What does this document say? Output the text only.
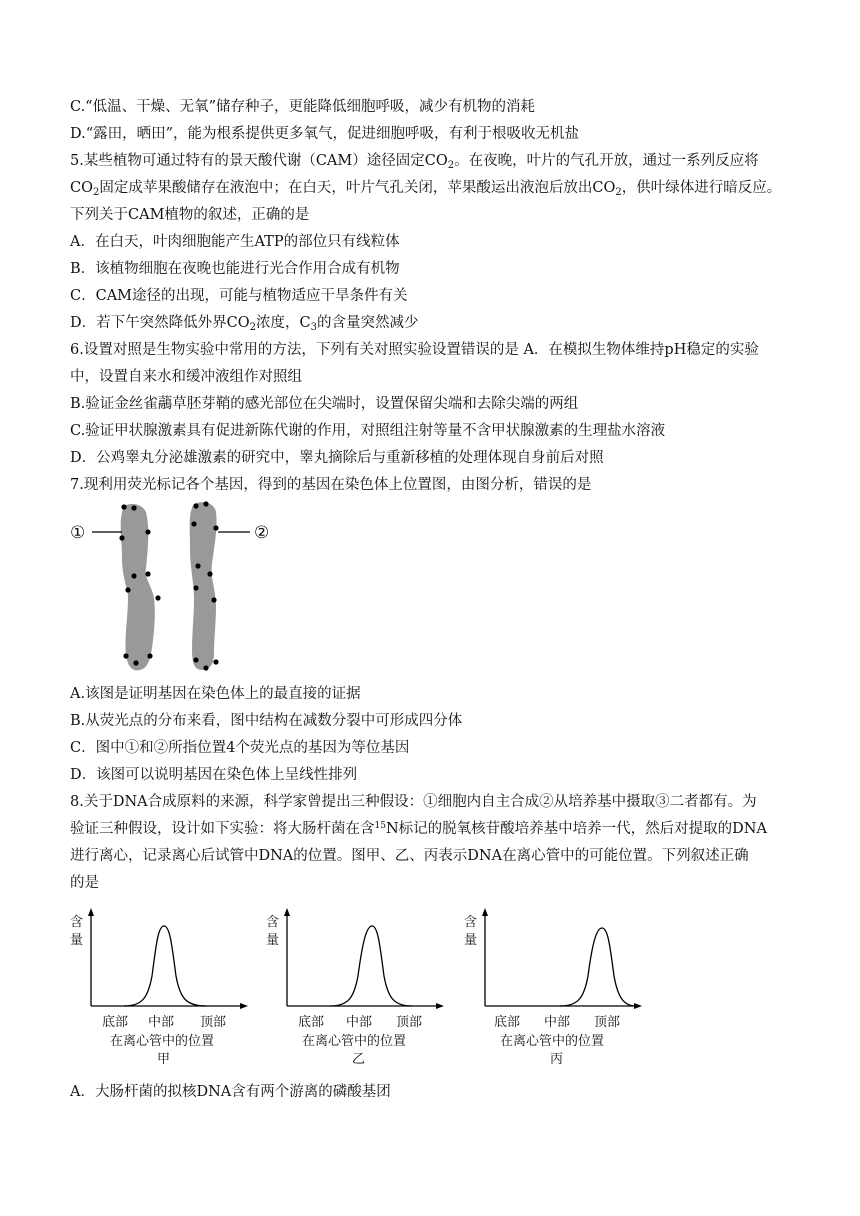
C.“低温、干燥、无氧”储存种子，更能降低细胞呼吸，减少有机物的消耗
D.“露田，晒田”，能为根系提供更多氧气，促进细胞呼吸，有利于根吸收无机盐
5.某些植物可通过特有的景天酸代谢（CAM）途径固定$CO_2$。在夜晚，叶片的气孔开放，通过一系列反应将
$CO_2$固定成苹果酸储存在液泡中；在白天，叶片气孔关闭，苹果酸运出液泡后放出$CO_2$，供叶绿体进行暗反应。
下列关于CAM植物的叙述，正确的是
A．在白天，叶肉细胞能产生ATP的部位只有线粒体
B．该植物细胞在夜晚也能进行光合作用合成有机物
C．CAM途径的出现，可能与植物适应干旱条件有关
D．若下午突然降低外界$CO_2$浓度，$C_3$的含量突然减少
6.设置对照是生物实验中常用的方法，下列有关对照实验设置错误的是 A．在模拟生物体维持pH稳定的实验
中，设置自来水和缓冲液组作对照组
B.验证金丝雀虉草胚芽鞘的感光部位在尖端时，设置保留尖端和去除尖端的两组
C.验证甲状腺激素具有促进新陈代谢的作用，对照组注射等量不含甲状腺激素的生理盐水溶液
D．公鸡睾丸分泌雄激素的研究中，睾丸摘除后与重新移植的处理体现自身前后对照
7.现利用荧光标记各个基因，得到的基因在染色体上位置图，由图分析，错误的是
①	②
A.该图是证明基因在染色体上的最直接的证据
B.从荧光点的分布来看，图中结构在减数分裂中可形成四分体
C．图中①和②所指位置4个荧光点的基因为等位基因
D．该图可以说明基因在染色体上呈线性排列
8.关于DNA合成原料的来源，科学家曾提出三种假设：①细胞内自主合成②从培养基中摄取③二者都有。为
验证三种假设，设计如下实验：将大肠杆菌在含$^{15}$N标记的脱氧核苷酸培养基中培养一代，然后对提取的DNA
进行离心，记录离心后试管中DNA的位置。图甲、乙、丙表示DNA在离心管中的可能位置。下列叙述正确
的是
含
量
底部 中部 顶部
在离心管中的位置
甲
含
量
底部 中部 顶部
在离心管中的位置
乙
含
量
底部 中部 顶部
在离心管中的位置
丙
A．大肠杆菌的拟核DNA含有两个游离的磷酸基团
